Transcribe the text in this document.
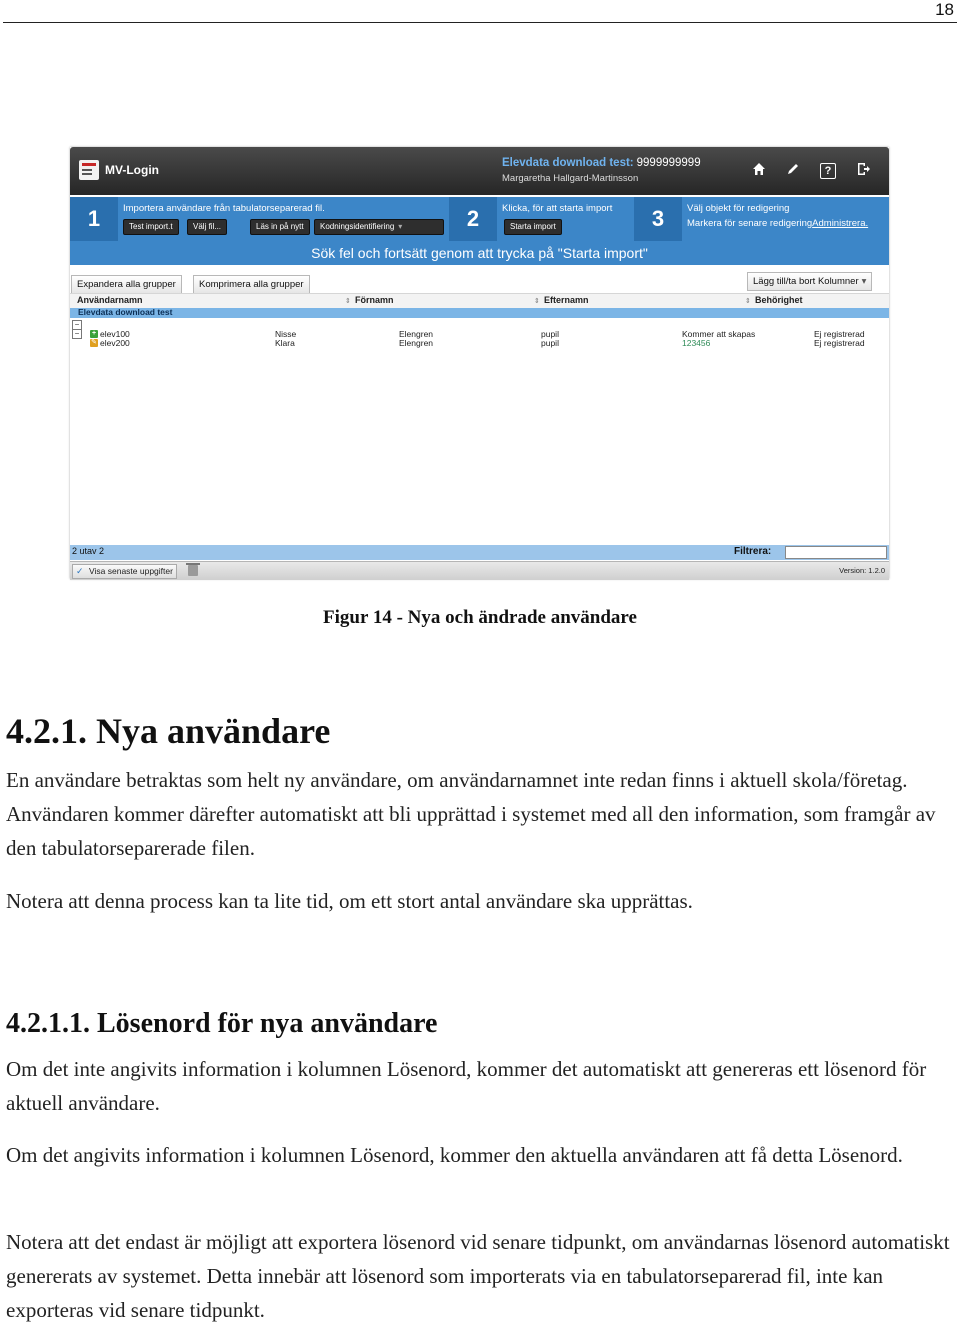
18
MV-Login	Elevdata download test: 9999999999
Margaretha Hallgard-Martinsson
?
1	Importera användare från tabulatorseparerad fil.
Test import.t	Välj fil...	Läs in på nytt	Kodningsidentifiering ▾	2	Klicka, för att starta import
Starta import	3	Välj objekt för redigering
Markera för senare redigeringAdministrera.
Sök fel och fortsätt genom att trycka på "Starta import"
Expandera alla grupper	Komprimera alla grupper	Lägg till/ta bort Kolumner ▾
Användarnamn	⇕ Förnamn	⇕ Efternamn	⇕ Behörighet
Elevdata download test
−
−	+ elev100	Nisse	Elengren	pupil	Kommer att skapas	Ej registrerad
✎ elev200	Klara	Elengren	pupil	123456	Ej registrerad
2 utav 2	Filtrera:
✓ Visa senaste uppgifter	Version: 1.2.0
Figur 14 - Nya och ändrade användare
4.2.1. Nya användare

En användare betraktas som helt ny användare, om användarnamnet inte redan finns i aktuell skola/företag. Användaren kommer därefter automatiskt att bli upprättad i systemet med all den information, som framgår av den tabulatorseparerade filen.

Notera att denna process kan ta lite tid, om ett stort antal användare ska upprättas.

4.2.1.1. Lösenord för nya användare

Om det inte angivits information i kolumnen Lösenord, kommer det automatiskt att genereras ett lösenord för aktuell användare.

Om det angivits information i kolumnen Lösenord, kommer den aktuella användaren att få detta Lösenord.

Notera att det endast är möjligt att exportera lösenord vid senare tidpunkt, om användarnas lösenord automatiskt genererats av systemet. Detta innebär att lösenord som importerats via en tabulatorseparerad fil, inte kan exporteras vid senare tidpunkt.
